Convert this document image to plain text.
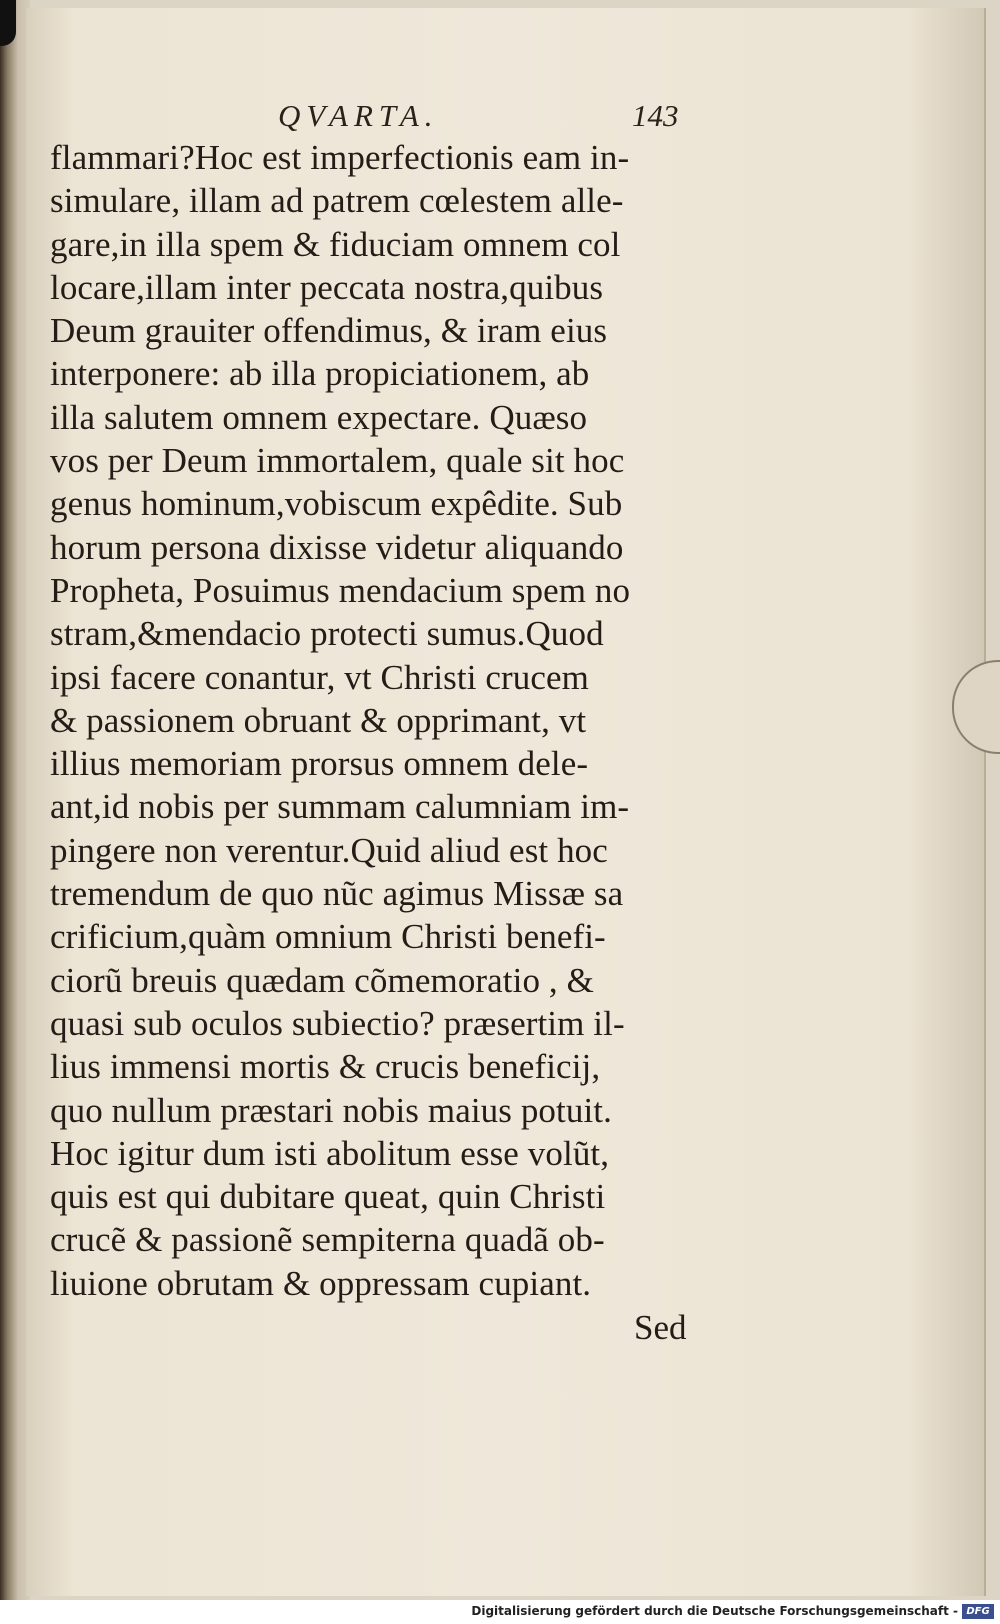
QVARTA.	143
flammari?Hoc est imperfectionis eam in-
simulare, illam ad patrem cœlestem alle-
gare,in illa spem & fiduciam omnem col
locare,illam inter peccata nostra,quibus
Deum grauiter offendimus, & iram eius
interponere: ab illa propiciationem, ab
illa salutem omnem expectare. Quæso
vos per Deum immortalem, quale sit hoc
genus hominum,vobiscum expêdite. Sub
horum persona dixisse videtur aliquando
Propheta, Posuimus mendacium spem no
stram,&mendacio protecti sumus.Quod
ipsi facere conantur, vt Christi crucem
& passionem obruant & opprimant, vt
illius memoriam prorsus omnem dele-
ant,id nobis per summam calumniam im-
pingere non verentur.Quid aliud est hoc
tremendum de quo nũc agimus Missæ sa
crificium,quàm omnium Christi benefi-
ciorũ breuis quædam cõmemoratio , &
quasi sub oculos subiectio? præsertim il-
lius immensi mortis & crucis beneficij,
quo nullum præstari nobis maius potuit.
Hoc igitur dum isti abolitum esse volũt,
quis est qui dubitare queat, quin Christi
crucẽ & passionẽ sempiterna quadã ob-
liuione obrutam & oppressam cupiant.
Sed
Digitalisierung gefördert durch die Deutsche Forschungsgemeinschaft - DFG
